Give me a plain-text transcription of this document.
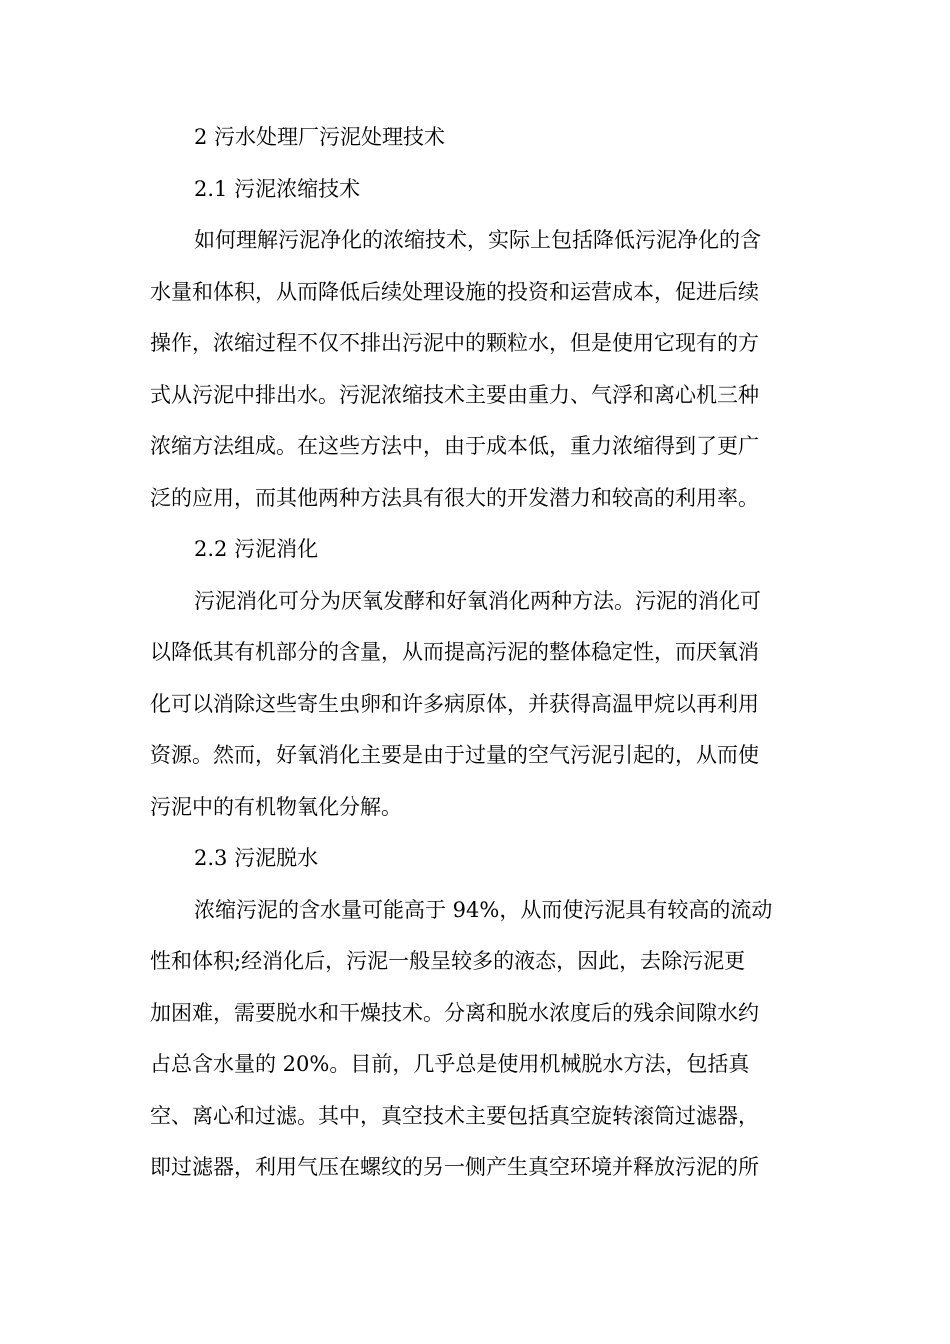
2 污水处理厂污泥处理技术

2.1 污泥浓缩技术

如何理解污泥净化的浓缩技术，实际上包括降低污泥净化的含
水量和体积，从而降低后续处理设施的投资和运营成本，促进后续
操作，浓缩过程不仅不排出污泥中的颗粒水，但是使用它现有的方
式从污泥中排出水。污泥浓缩技术主要由重力、气浮和离心机三种
浓缩方法组成。在这些方法中，由于成本低，重力浓缩得到了更广
泛的应用，而其他两种方法具有很大的开发潜力和较高的利用率。

2.2 污泥消化

污泥消化可分为厌氧发酵和好氧消化两种方法。污泥的消化可
以降低其有机部分的含量，从而提高污泥的整体稳定性，而厌氧消
化可以消除这些寄生虫卵和许多病原体，并获得高温甲烷以再利用
资源。然而，好氧消化主要是由于过量的空气污泥引起的，从而使
污泥中的有机物氧化分解。

2.3 污泥脱水

浓缩污泥的含水量可能高于 94%，从而使污泥具有较高的流动
性和体积;经消化后，污泥一般呈较多的液态，因此，去除污泥更
加困难，需要脱水和干燥技术。分离和脱水浓度后的残余间隙水约
占总含水量的 20%。目前，几乎总是使用机械脱水方法，包括真
空、离心和过滤。其中，真空技术主要包括真空旋转滚筒过滤器，
即过滤器，利用气压在螺纹的另一侧产生真空环境并释放污泥的所
